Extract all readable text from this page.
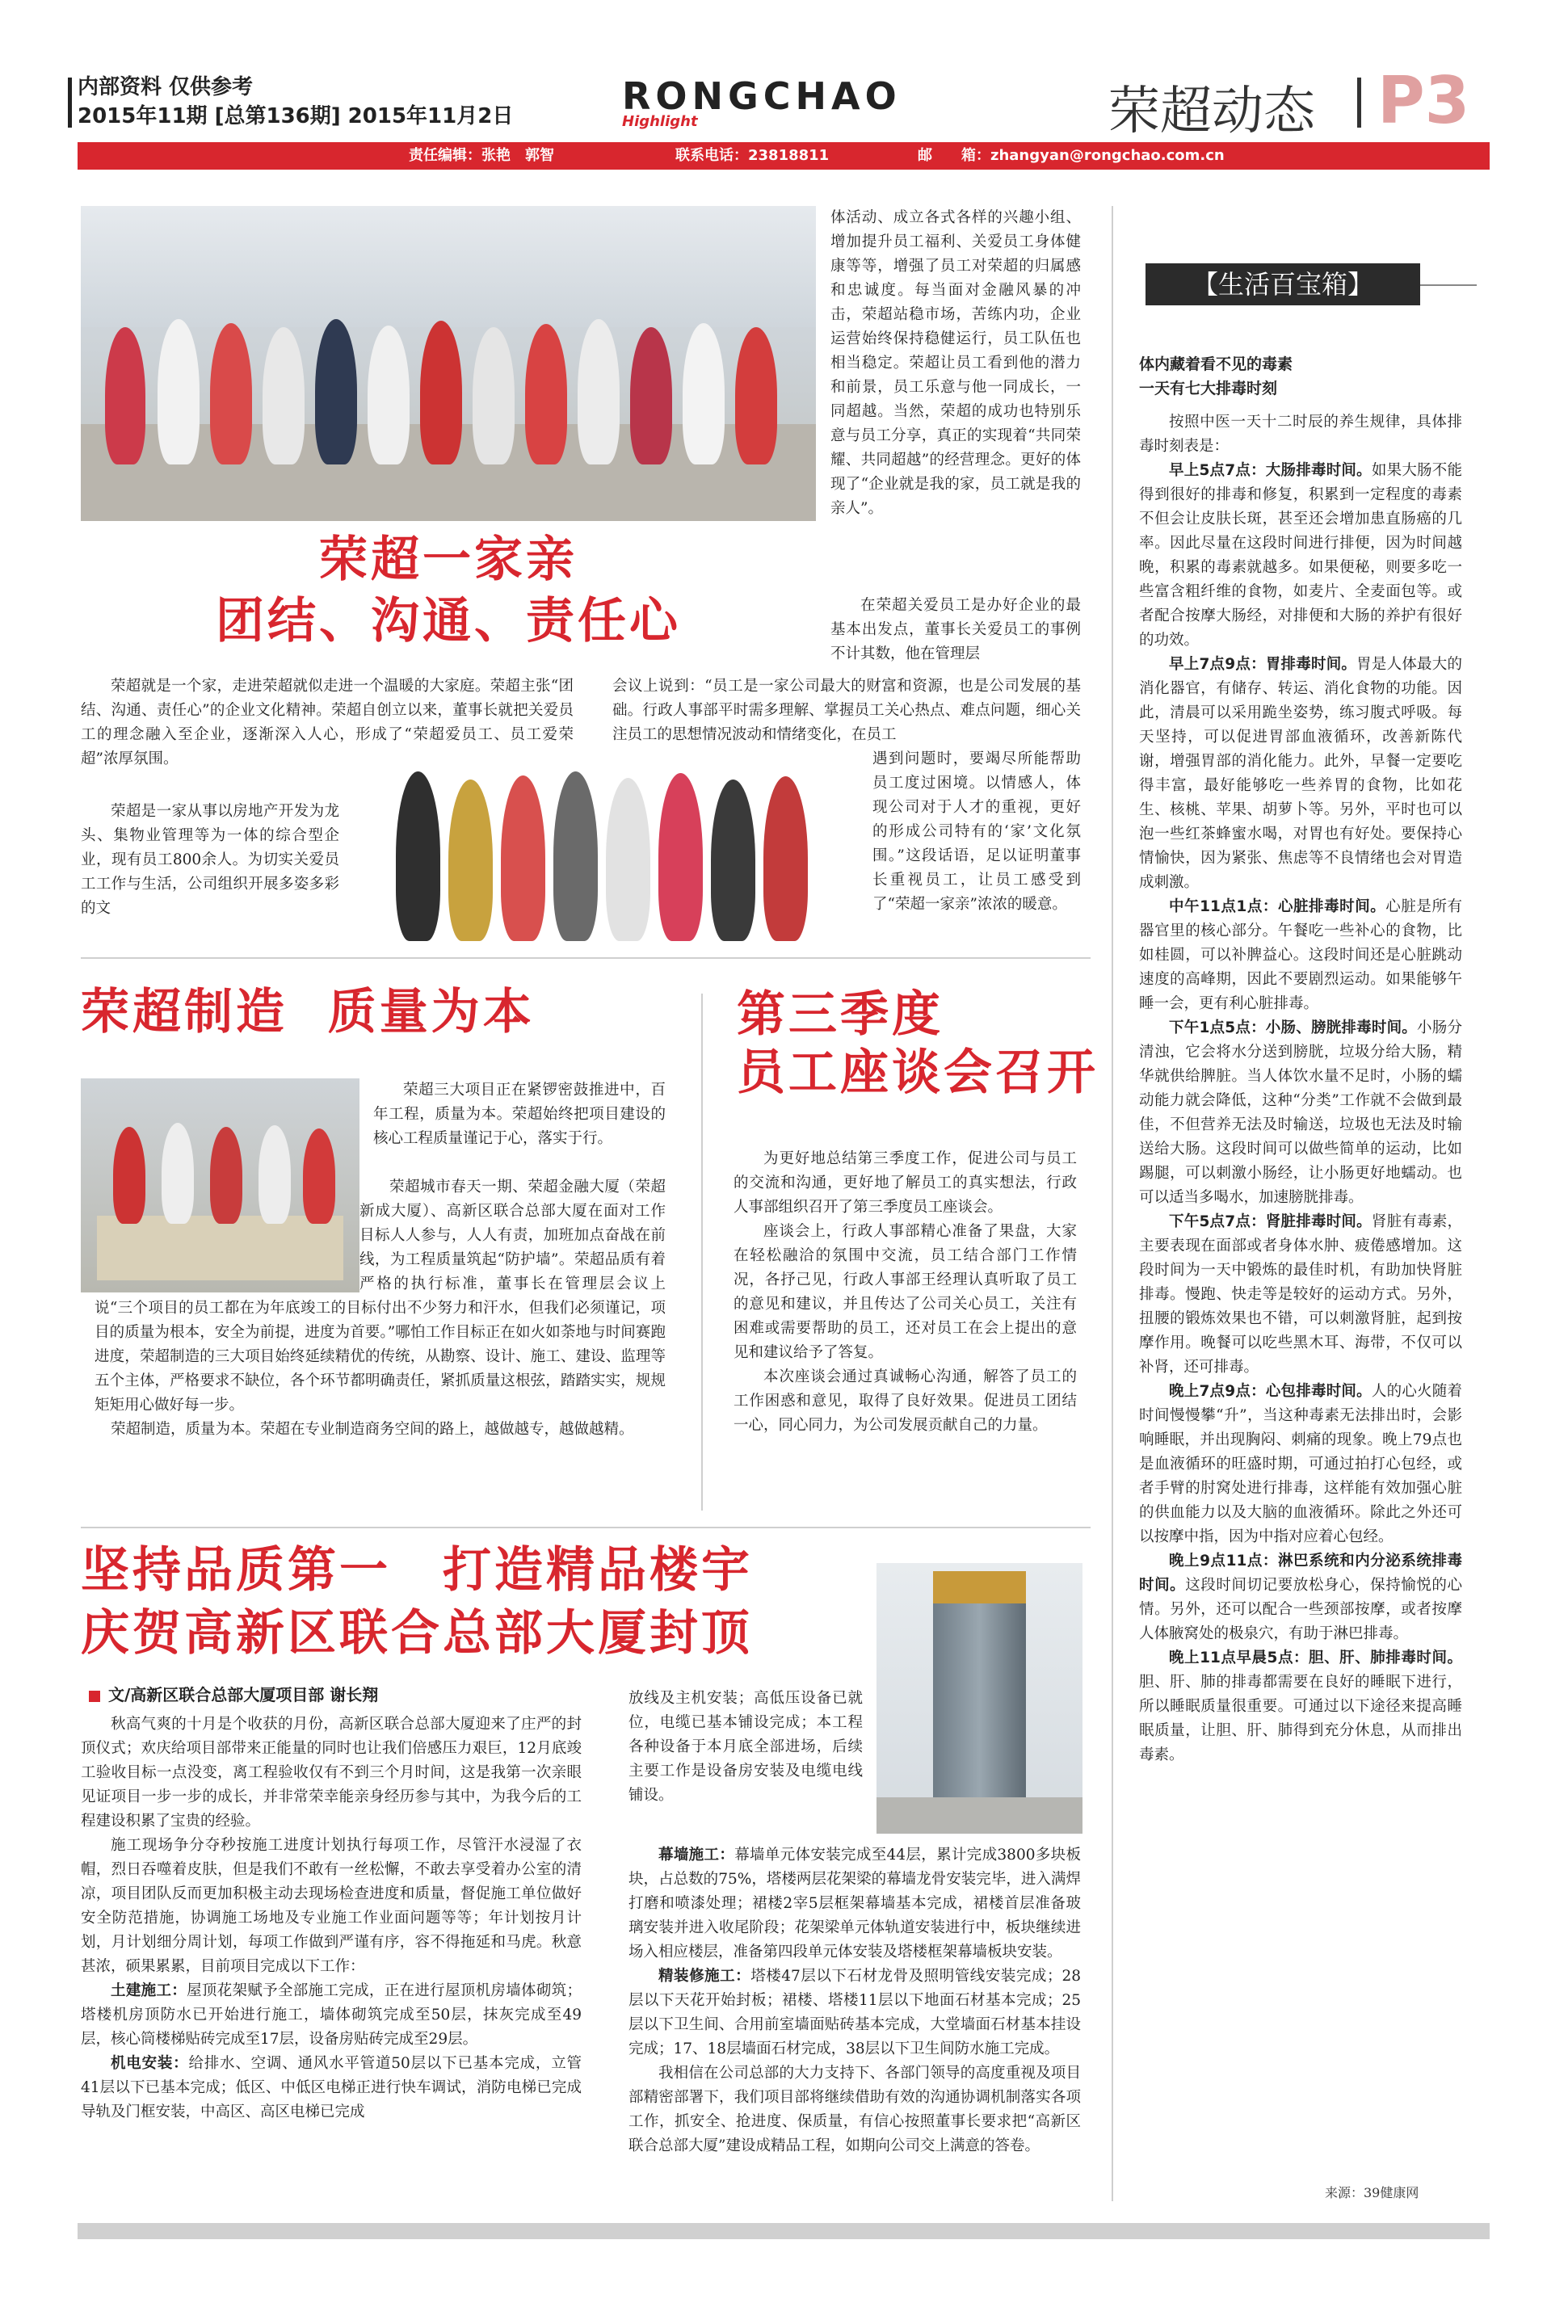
内部资料 仅供参考
2015年11期 [总第136期] 2015年11月2日	RONGCHAO
Highlight	荣超动态 P3
责任编辑：张艳　郭智	联系电话：23818811	邮　　箱：zhangyan@rongchao.com.cn
荣超一家亲
团结、沟通、责任心

荣超就是一个家，走进荣超就似走进一个温暖的大家庭。荣超主张“团结、沟通、责任心”的企业文化精神。荣超自创立以来，董事长就把关爱员工的理念融入至企业，逐渐深入人心，形成了“荣超爱员工、员工爱荣超”浓厚氛围。

荣超是一家从事以房地产开发为龙头、集物业管理等为一体的综合型企业，现有员工800余人。为切实关爱员工工作与生活，公司组织开展多姿多彩的文

会议上说到：“员工是一家公司最大的财富和资源，也是公司发展的基础。行政人事部平时需多理解、掌握员工关心热点、难点问题，细心关注员工的思想情况波动和情绪变化，在员工

遇到问题时，要竭尽所能帮助员工度过困境。以情感人，体现公司对于人才的重视，更好的形成公司特有的‘家’文化氛围。”这段话语，足以证明董事长重视员工，让员工感受到了“荣超一家亲”浓浓的暖意。

体活动、成立各式各样的兴趣小组、增加提升员工福利、关爱员工身体健康等等，增强了员工对荣超的归属感和忠诚度。每当面对金融风暴的冲击，荣超站稳市场，苦练内功，企业运营始终保持稳健运行，员工队伍也相当稳定。荣超让员工看到他的潜力和前景，员工乐意与他一同成长，一同超越。当然，荣超的成功也特别乐意与员工分享，真正的实现着“共同荣耀、共同超越”的经营理念。更好的体现了“企业就是我的家，员工就是我的亲人”。

在荣超关爱员工是办好企业的最基本出发点，董事长关爱员工的事例不计其数，他在管理层

荣超制造  质量为本

荣超三大项目正在紧锣密鼓推进中，百年工程，质量为本。荣超始终把项目建设的核心工程质量谨记于心，落实于行。

荣超城市春天一期、荣超金融大厦（荣超新成大厦）、高新区联合总部大厦在面对工作目标人人参与，人人有责，加班加点奋战在前线，为工程质量筑起“防护墙”。荣超品质有着严格的执行标准，董事长在管理层会议上说“三个项目的员工都在为年底竣工的目标付出不少努力和汗水，但我们必须谨记，项目的质量为根本，安全为前提，进度为首要。”哪怕工作目标正在如火如荼地与时间赛跑进度，荣超制造的三大项目始终延续精优的传统，从勘察、设计、施工、建设、监理等五个主体，严格要求不缺位，各个环节都明确责任，紧抓质量这根弦，踏踏实实，规规矩矩用心做好每一步。

荣超制造，质量为本。荣超在专业制造商务空间的路上，越做越专，越做越精。

第三季度
员工座谈会召开

为更好地总结第三季度工作，促进公司与员工的交流和沟通，更好地了解员工的真实想法，行政人事部组织召开了第三季度员工座谈会。

座谈会上，行政人事部精心准备了果盘，大家在轻松融洽的氛围中交流，员工结合部门工作情况，各抒己见，行政人事部王经理认真听取了员工的意见和建议，并且传达了公司关心员工，关注有困难或需要帮助的员工，还对员工在会上提出的意见和建议给予了答复。

本次座谈会通过真诚畅心沟通，解答了员工的工作困惑和意见，取得了良好效果。促进员工团结一心，同心同力，为公司发展贡献自己的力量。

坚持品质第一　打造精品楼宇
庆贺高新区联合总部大厦封顶
文/高新区联合总部大厦项目部 谢长翔

秋高气爽的十月是个收获的月份，高新区联合总部大厦迎来了庄严的封顶仪式；欢庆给项目部带来正能量的同时也让我们倍感压力艰巨，12月底竣工验收目标一点没变，离工程验收仅有不到三个月时间，这是我第一次亲眼见证项目一步一步的成长，并非常荣幸能亲身经历参与其中，为我今后的工程建设积累了宝贵的经验。

施工现场争分夺秒按施工进度计划执行每项工作，尽管汗水浸湿了衣帽，烈日吞噬着皮肤，但是我们不敢有一丝松懈，不敢去享受着办公室的清凉，项目团队反而更加积极主动去现场检查进度和质量，督促施工单位做好安全防范措施，协调施工场地及专业施工作业面问题等等；年计划按月计划，月计划细分周计划，每项工作做到严谨有序，容不得拖延和马虎。秋意甚浓，硕果累累，目前项目完成以下工作：

土建施工：屋顶花架赋予全部施工完成，正在进行屋顶机房墙体砌筑；塔楼机房顶防水已开始进行施工，墙体砌筑完成至50层，抹灰完成至49层，核心筒楼梯贴砖完成至17层，设备房贴砖完成至29层。

机电安装：给排水、空调、通风水平管道50层以下已基本完成，立管41层以下已基本完成；低区、中低区电梯正进行快车调试，消防电梯已完成导轨及门框安装，中高区、高区电梯已完成

放线及主机安装；高低压设备已就位，电缆已基本铺设完成；本工程各种设备于本月底全部进场，后续主要工作是设备房安装及电缆电线铺设。

幕墙施工：幕墙单元体安装完成至44层，累计完成3800多块板块，占总数的75%，塔楼两层花架梁的幕墙龙骨安装完毕，进入满焊打磨和喷漆处理；裙楼2宰5层框架幕墙基本完成，裙楼首层准备玻璃安装并进入收尾阶段；花架梁单元体轨道安装进行中，板块继续进场入相应楼层，准备第四段单元体安装及塔楼框架幕墙板块安装。

精装修施工：塔楼47层以下石材龙骨及照明管线安装完成；28层以下天花开始封板；裙楼、塔楼11层以下地面石材基本完成；25层以下卫生间、合用前室墙面贴砖基本完成，大堂墙面石材基本挂设完成；17、18层墙面石材完成，38层以下卫生间防水施工完成。

我相信在公司总部的大力支持下、各部门领导的高度重视及项目部精密部署下，我们项目部将继续借助有效的沟通协调机制落实各项工作，抓安全、抢进度、保质量，有信心按照董事长要求把“高新区联合总部大厦”建设成精品工程，如期向公司交上满意的答卷。

【生活百宝箱】
体内藏着看不见的毒素
一天有七大排毒时刻

按照中医一天十二时辰的养生规律，具体排毒时刻表是：

早上5点7点：大肠排毒时间。如果大肠不能得到很好的排毒和修复，积累到一定程度的毒素不但会让皮肤长斑，甚至还会增加患直肠癌的几率。因此尽量在这段时间进行排便，因为时间越晚，积累的毒素就越多。如果便秘，则要多吃一些富含粗纤维的食物，如麦片、全麦面包等。或者配合按摩大肠经，对排便和大肠的养护有很好的功效。

早上7点9点：胃排毒时间。胃是人体最大的消化器官，有储存、转运、消化食物的功能。因此，清晨可以采用跪坐姿势，练习腹式呼吸。每天坚持，可以促进胃部血液循环，改善新陈代谢，增强胃部的消化能力。此外，早餐一定要吃得丰富，最好能够吃一些养胃的食物，比如花生、核桃、苹果、胡萝卜等。另外，平时也可以泡一些红茶蜂蜜水喝，对胃也有好处。要保持心情愉快，因为紧张、焦虑等不良情绪也会对胃造成刺激。

中午11点1点：心脏排毒时间。心脏是所有器官里的核心部分。午餐吃一些补心的食物，比如桂圆，可以补脾益心。这段时间还是心脏跳动速度的高峰期，因此不要剧烈运动。如果能够午睡一会，更有利心脏排毒。

下午1点5点：小肠、膀胱排毒时间。小肠分清浊，它会将水分送到膀胱，垃圾分给大肠，精华就供给脾脏。当人体饮水量不足时，小肠的蠕动能力就会降低，这种“分类”工作就不会做到最佳，不但营养无法及时输送，垃圾也无法及时输送给大肠。这段时间可以做些简单的运动，比如踢腿，可以刺激小肠经，让小肠更好地蠕动。也可以适当多喝水，加速膀胱排毒。

下午5点7点：肾脏排毒时间。肾脏有毒素，主要表现在面部或者身体水肿、疲倦感增加。这段时间为一天中锻炼的最佳时机，有助加快肾脏排毒。慢跑、快走等是较好的运动方式。另外，扭腰的锻炼效果也不错，可以刺激肾脏，起到按摩作用。晚餐可以吃些黑木耳、海带，不仅可以补肾，还可排毒。

晚上7点9点：心包排毒时间。人的心火随着时间慢慢攀“升”，当这种毒素无法排出时，会影响睡眠，并出现胸闷、刺痛的现象。晚上79点也是血液循环的旺盛时期，可通过拍打心包经，或者手臂的肘窝处进行排毒，这样能有效加强心脏的供血能力以及大脑的血液循环。除此之外还可以按摩中指，因为中指对应着心包经。

晚上9点11点：淋巴系统和内分泌系统排毒时间。这段时间切记要放松身心，保持愉悦的心情。另外，还可以配合一些颈部按摩，或者按摩人体腋窝处的极泉穴，有助于淋巴排毒。

晚上11点早晨5点：胆、肝、肺排毒时间。胆、肝、肺的排毒都需要在良好的睡眠下进行，所以睡眠质量很重要。可通过以下途径来提高睡眠质量，让胆、肝、肺得到充分休息，从而排出毒素。

来源：39健康网
